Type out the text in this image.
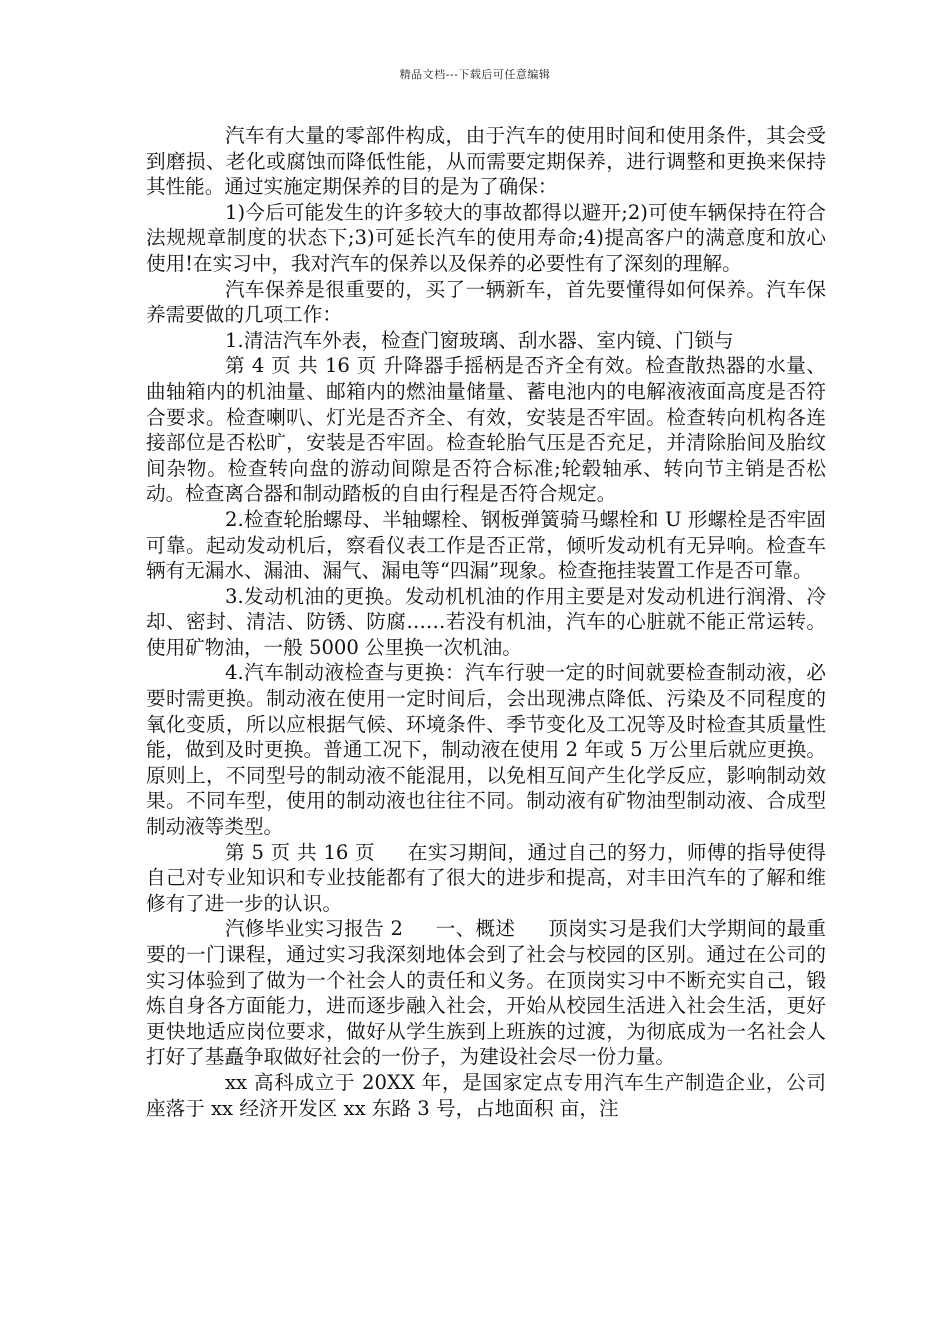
精品文档---下载后可任意编辑

汽车有大量的零部件构成，由于汽车的使用时间和使用条件，其会受到磨损、老化或腐蚀而降低性能，从而需要定期保养，进行调整和更换来保持其性能。通过实施定期保养的目的是为了确保：

1)今后可能发生的许多较大的事故都得以避开;2)可使车辆保持在符合法规规章制度的状态下;3)可延长汽车的使用寿命;4)提高客户的满意度和放心使用!在实习中，我对汽车的保养以及保养的必要性有了深刻的理解。

汽车保养是很重要的，买了一辆新车，首先要懂得如何保养。汽车保养需要做的几项工作：

1.清洁汽车外表，检查门窗玻璃、刮水器、室内镜、门锁与

第 4 页 共 16 页 升降器手摇柄是否齐全有效。检查散热器的水量、曲轴箱内的机油量、邮箱内的燃油量储量、蓄电池内的电解液液面高度是否符合要求。检查喇叭、灯光是否齐全、有效，安装是否牢固。检查转向机构各连接部位是否松旷，安装是否牢固。检查轮胎气压是否充足，并清除胎间及胎纹间杂物。检查转向盘的游动间隙是否符合标准;轮毂轴承、转向节主销是否松动。检查离合器和制动踏板的自由行程是否符合规定。

2.检查轮胎螺母、半轴螺栓、钢板弹簧骑马螺栓和 U 形螺栓是否牢固可靠。起动发动机后，察看仪表工作是否正常，倾听发动机有无异响。检查车辆有无漏水、漏油、漏气、漏电等“四漏”现象。检查拖挂装置工作是否可靠。

3.发动机油的更换。发动机机油的作用主要是对发动机进行润滑、冷却、密封、清洁、防锈、防腐……若没有机油，汽车的心脏就不能正常运转。使用矿物油，一般 5000 公里换一次机油。

4.汽车制动液检查与更换：汽车行驶一定的时间就要检查制动液，必要时需更换。制动液在使用一定时间后，会出现沸点降低、污染及不同程度的氧化变质，所以应根据气候、环境条件、季节变化及工况等及时检查其质量性能，做到及时更换。普通工况下，制动液在使用 2 年或 5 万公里后就应更换。原则上，不同型号的制动液不能混用，以免相互间产生化学反应，影响制动效果。不同车型，使用的制动液也往往不同。制动液有矿物油型制动液、合成型制动液等类型。

第 5 页 共 16 页 　 在实习期间，通过自己的努力，师傅的指导使得自己对专业知识和专业技能都有了很大的进步和提高，对丰田汽车的了解和维修有了进一步的认识。

汽修毕业实习报告 2 　 一、概述 　 顶岗实习是我们大学期间的最重要的一门课程，通过实习我深刻地体会到了社会与校园的区别。通过在公司的实习体验到了做为一个社会人的责任和义务。在顶岗实习中不断充实自己，锻炼自身各方面能力，进而逐步融入社会，开始从校园生活进入社会生活，更好更快地适应岗位要求，做好从学生族到上班族的过渡，为彻底成为一名社会人打好了基矗争取做好社会的一份子，为建设社会尽一份力量。

xx 高科成立于 20XX 年，是国家定点专用汽车生产制造企业，公司座落于 xx 经济开发区 xx 东路 3 号，占地面积 亩，注
